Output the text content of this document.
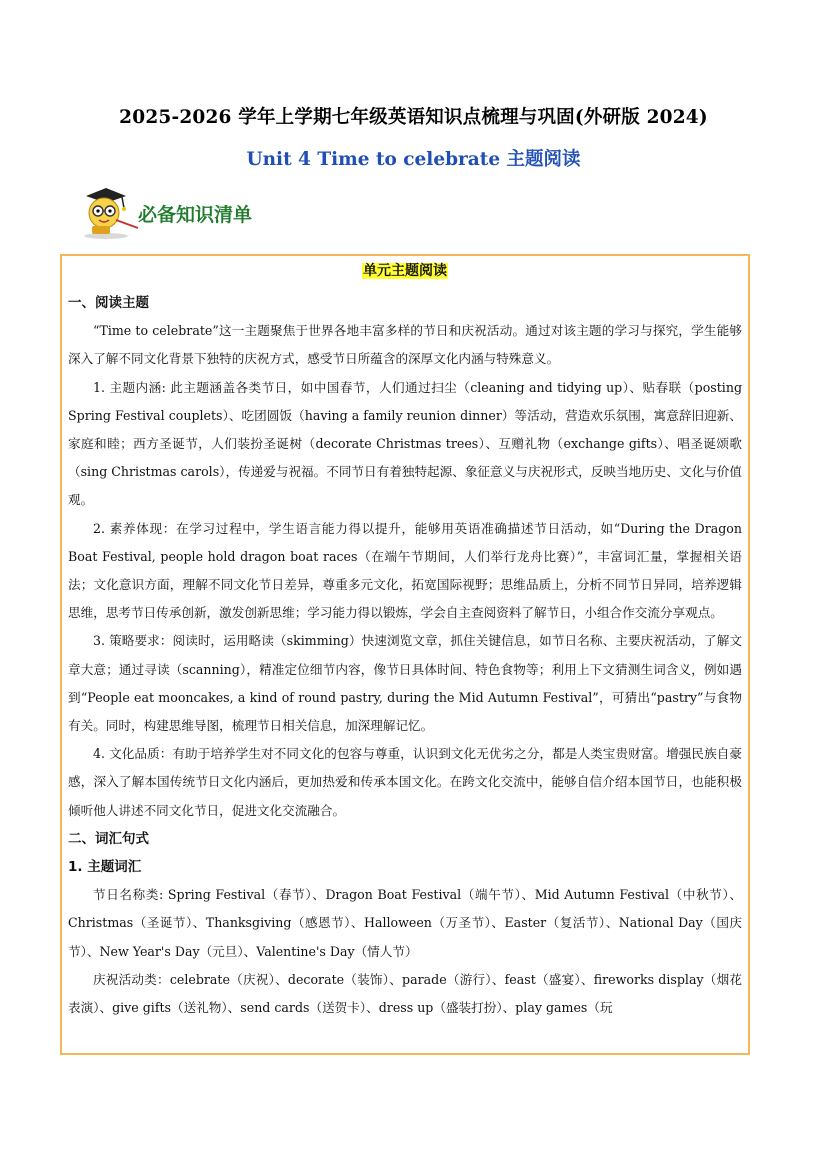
2025-2026 学年上学期七年级英语知识点梳理与巩固(外研版 2024)
Unit 4 Time to celebrate 主题阅读
必备知识清单
单元主题阅读

一、阅读主题

“Time to celebrate”这一主题聚焦于世界各地丰富多样的节日和庆祝活动。通过对该主题的学习与探究，学生能够深入了解不同文化背景下独特的庆祝方式，感受节日所蕴含的深厚文化内涵与特殊意义。

1. 主题内涵: 此主题涵盖各类节日，如中国春节，人们通过扫尘（cleaning and tidying up）、贴春联（posting Spring Festival couplets）、吃团圆饭（having a family reunion dinner）等活动，营造欢乐氛围，寓意辞旧迎新、家庭和睦；西方圣诞节，人们装扮圣诞树（decorate Christmas trees）、互赠礼物（exchange gifts）、唱圣诞颂歌（sing Christmas carols），传递爱与祝福。不同节日有着独特起源、象征意义与庆祝形式，反映当地历史、文化与价值观。

2. 素养体现：在学习过程中，学生语言能力得以提升，能够用英语准确描述节日活动，如“During the Dragon Boat Festival, people hold dragon boat races（在端午节期间，人们举行龙舟比赛）”，丰富词汇量，掌握相关语法；文化意识方面，理解不同文化节日差异，尊重多元文化，拓宽国际视野；思维品质上，分析不同节日异同，培养逻辑思维，思考节日传承创新，激发创新思维；学习能力得以锻炼，学会自主查阅资料了解节日，小组合作交流分享观点。

3. 策略要求：阅读时，运用略读（skimming）快速浏览文章，抓住关键信息，如节日名称、主要庆祝活动，了解文章大意；通过寻读（scanning），精准定位细节内容，像节日具体时间、特色食物等；利用上下文猜测生词含义，例如遇到“People eat mooncakes, a kind of round pastry, during the Mid Autumn Festival”，可猜出“pastry”与食物有关。同时，构建思维导图，梳理节日相关信息，加深理解记忆。

4. 文化品质：有助于培养学生对不同文化的包容与尊重，认识到文化无优劣之分，都是人类宝贵财富。增强民族自豪感，深入了解本国传统节日文化内涵后，更加热爱和传承本国文化。在跨文化交流中，能够自信介绍本国节日，也能积极倾听他人讲述不同文化节日，促进文化交流融合。

二、词汇句式

1. 主题词汇

节日名称类: Spring Festival（春节）、Dragon Boat Festival（端午节）、Mid Autumn Festival（中秋节）、Christmas（圣诞节）、Thanksgiving（感恩节）、Halloween（万圣节）、Easter（复活节）、National Day（国庆节）、New Year's Day（元旦）、Valentine's Day（情人节）

庆祝活动类：celebrate（庆祝）、decorate（装饰）、parade（游行）、feast（盛宴）、fireworks display（烟花表演）、give gifts（送礼物）、send cards（送贺卡）、dress up（盛装打扮）、play games（玩
